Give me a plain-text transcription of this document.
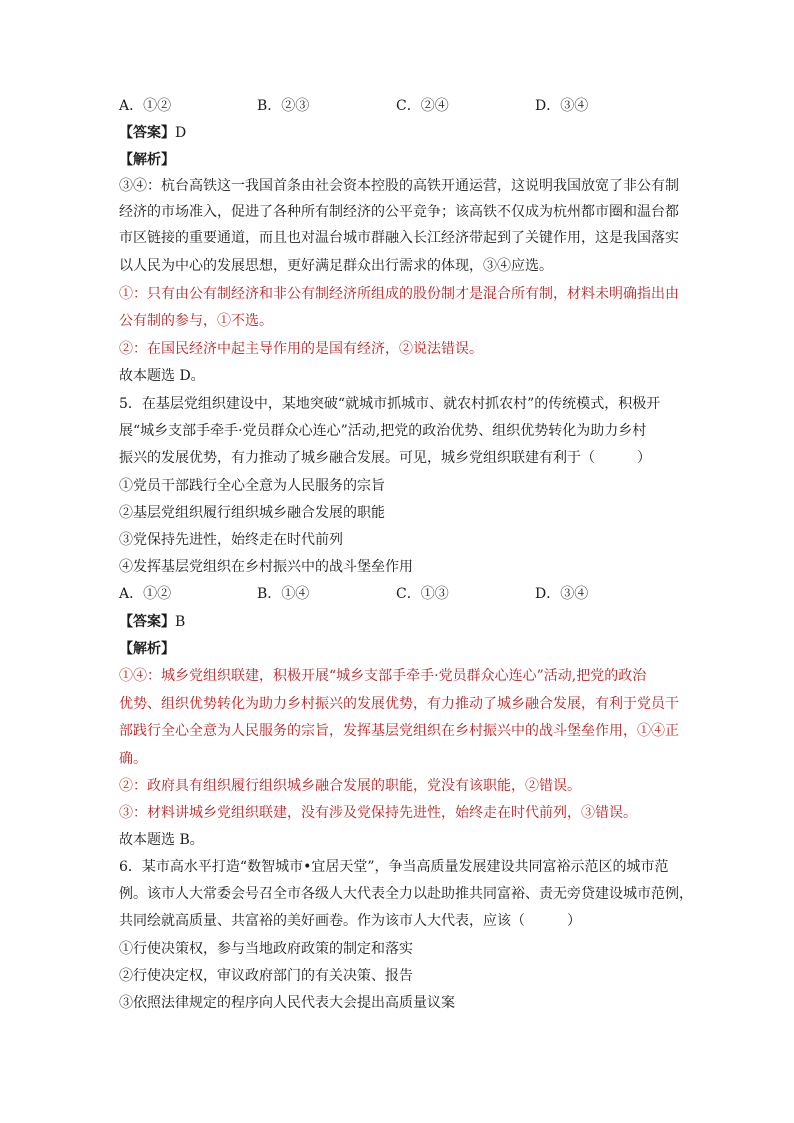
A．①②	B．②③	C．②④	D．③④
【答案】D
【解析】
③④：杭台高铁这一我国首条由社会资本控股的高铁开通运营，这说明我国放宽了非公有制
经济的市场准入，促进了各种所有制经济的公平竞争；该高铁不仅成为杭州都市圈和温台都
市区链接的重要通道，而且也对温台城市群融入长江经济带起到了关键作用，这是我国落实
以人民为中心的发展思想，更好满足群众出行需求的体现，③④应选。
①：只有由公有制经济和非公有制经济所组成的股份制才是混合所有制，材料未明确指出由
公有制的参与，①不选。
②：在国民经济中起主导作用的是国有经济，②说法错误。
故本题选 D。
5．在基层党组织建设中，某地突破“就城市抓城市、就农村抓农村”的传统模式，积极开
展“城乡支部手牵手·党员群众心连心”活动,把党的政治优势、组织优势转化为助力乡村
振兴的发展优势，有力推动了城乡融合发展。可见，城乡党组织联建有利于（　　　）
①党员干部践行全心全意为人民服务的宗旨
②基层党组织履行组织城乡融合发展的职能
③党保持先进性，始终走在时代前列
④发挥基层党组织在乡村振兴中的战斗堡垒作用
A．①②	B．①④	C．①③	D．③④
【答案】B
【解析】
①④：城乡党组织联建，积极开展“城乡支部手牵手·党员群众心连心”活动,把党的政治
优势、组织优势转化为助力乡村振兴的发展优势，有力推动了城乡融合发展，有利于党员干
部践行全心全意为人民服务的宗旨，发挥基层党组织在乡村振兴中的战斗堡垒作用，①④正
确。
②：政府具有组织履行组织城乡融合发展的职能，党没有该职能，②错误。
③：材料讲城乡党组织联建，没有涉及党保持先进性，始终走在时代前列，③错误。
故本题选 B。
6．某市高水平打造“数智城市•宜居天堂”，争当高质量发展建设共同富裕示范区的城市范
例。该市人大常委会号召全市各级人大代表全力以赴助推共同富裕、责无旁贷建设城市范例，
共同绘就高质量、共富裕的美好画卷。作为该市人大代表，应该（　　　）
①行使决策权，参与当地政府政策的制定和落实
②行使决定权，审议政府部门的有关决策、报告
③依照法律规定的程序向人民代表大会提出高质量议案
